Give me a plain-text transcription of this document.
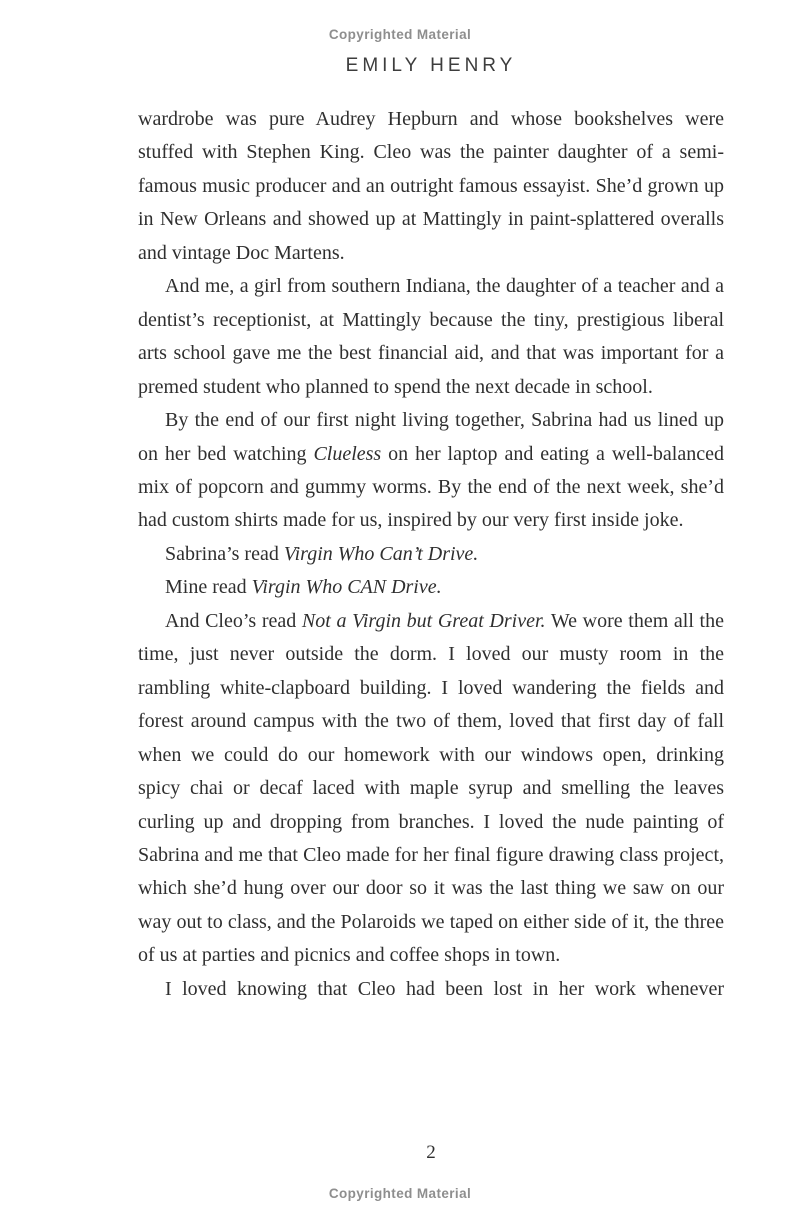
Copyrighted Material
EMILY HENRY

wardrobe was pure Audrey Hepburn and whose bookshelves were stuffed with Stephen King. Cleo was the painter daughter of a semi-famous music producer and an outright famous essayist. She’d grown up in New Orleans and showed up at Mattingly in paint-splattered overalls and vintage Doc Martens.

And me, a girl from southern Indiana, the daughter of a teacher and a dentist’s receptionist, at Mattingly because the tiny, prestigious liberal arts school gave me the best financial aid, and that was important for a premed student who planned to spend the next decade in school.

By the end of our first night living together, Sabrina had us lined up on her bed watching Clueless on her laptop and eating a well-balanced mix of popcorn and gummy worms. By the end of the next week, she’d had custom shirts made for us, inspired by our very first inside joke.

Sabrina’s read Virgin Who Can’t Drive.

Mine read Virgin Who CAN Drive.

And Cleo’s read Not a Virgin but Great Driver. We wore them all the time, just never outside the dorm. I loved our musty room in the rambling white-clapboard building. I loved wandering the fields and forest around campus with the two of them, loved that first day of fall when we could do our homework with our windows open, drinking spicy chai or decaf laced with maple syrup and smelling the leaves curling up and dropping from branches. I loved the nude painting of Sabrina and me that Cleo made for her final figure drawing class project, which she’d hung over our door so it was the last thing we saw on our way out to class, and the Polaroids we taped on either side of it, the three of us at parties and picnics and coffee shops in town.

I loved knowing that Cleo had been lost in her work whenever

2
Copyrighted Material
